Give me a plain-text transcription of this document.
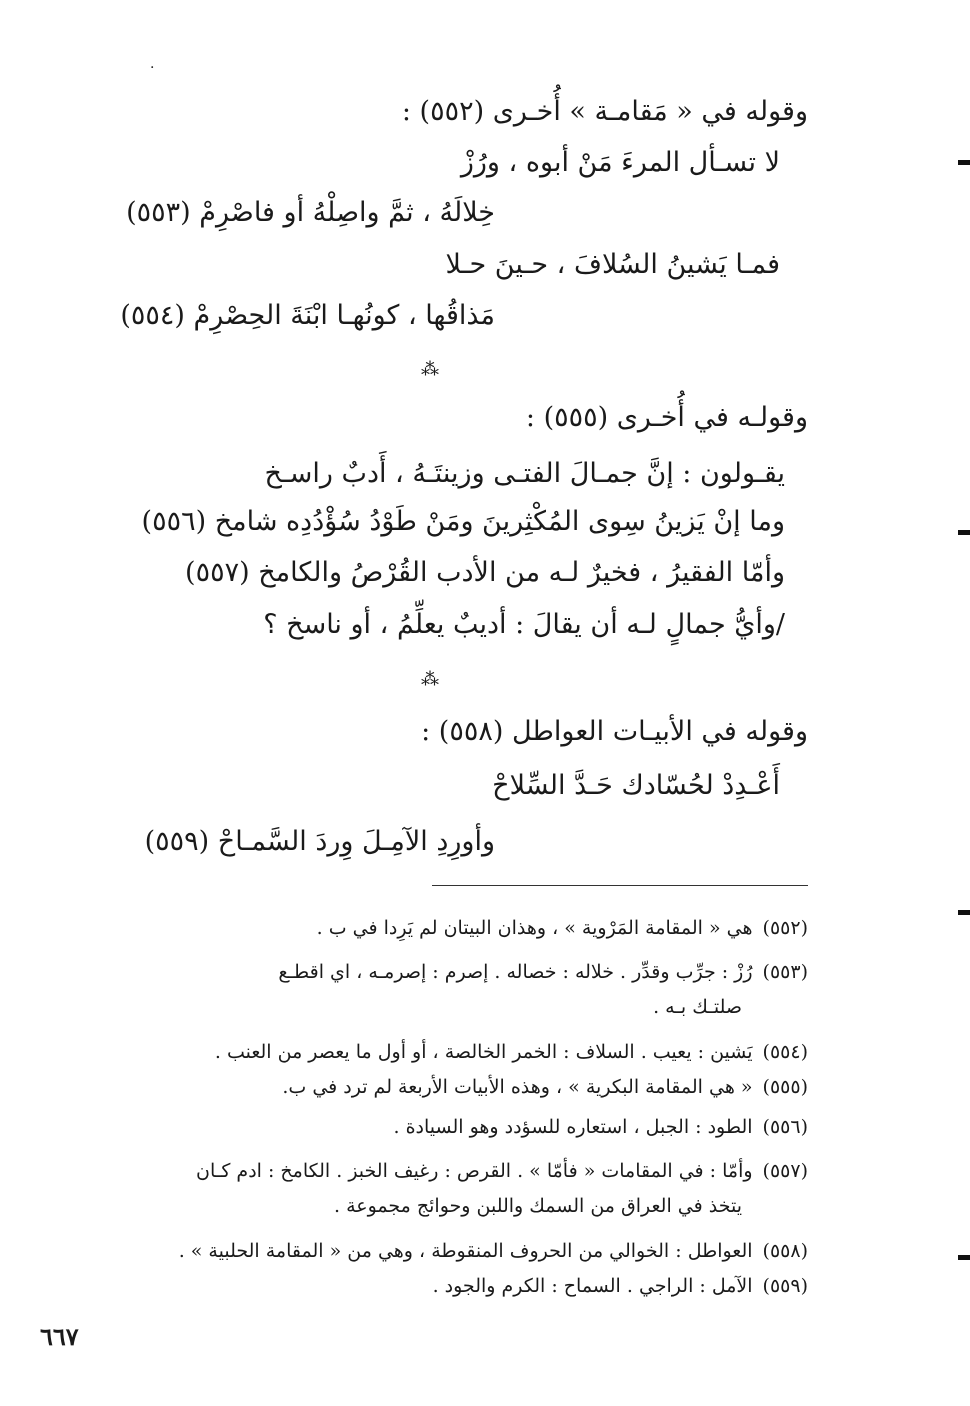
·
وقوله في « مَقامـة » أُخـرى (٥٥٢) :
لا تسـأل المرءَ مَنْ أبوه ، ورُزْ
خِلالَهُ ، ثمَّ واصِلْهُ أو فاصْرِمْ (٥٥٣)
فمـا يَشينُ السُلافَ ، حـينَ حـلا
مَذاقُها ، كونُهـا ابْنَةَ الحِصْرِمْ (٥٥٤)
⁂
وقولـه في أُخـرى (٥٥٥) :
يقـولون : إنَّ جمـالَ الفتـى وزينتَـهُ ، أَدبٌ راسـخ
وما إنْ يَزينُ سِوى المُكْثِرينَ ومَنْ طَوْدُ سُؤْدُدِه شامخ (٥٥٦)
وأمّا الفقيرُ ، فخيرٌ لـه من الأدب القُرْصُ والكامخ (٥٥٧)
/وأيُّ جمالٍ لـه أن يقالَ : أديبٌ يعلِّمُ ، أو ناسخ ؟
⁂
وقوله في الأبيـات العواطل (٥٥٨) :
أَعْـدِدْ لحُسّادك حَـدَّ السِّلاحْ
وأورِدِ الآمِـلَ وِردَ السَّمـاحْ (٥٥٩)
(٥٥٢)هي « المقامة المَرْوية » ، وهذان البيتان لم يَرِدا في ب .
(٥٥٣)رُزْ : جرِّب وقدِّر . خلاله : خصاله . إصرم : إصرمـه ، اي اقطـع
صلتـك بـه .
(٥٥٤)يَشين : يعيب . السلاف : الخمر الخالصة ، أو أول ما يعصر من العنب .
(٥٥٥)« هي المقامة البكرية » ، وهذه الأبيات الأربعة لم ترد في ب.
(٥٥٦)الطود : الجبل ، استعاره للسؤدد وهو السيادة .
(٥٥٧)وأمّا : في المقامات « فأمّا » . القرص : رغيف الخبز . الكامخ : ادم كـان
يتخذ في العراق من السمك واللبن وحوائج مجموعة .
(٥٥٨)العواطل : الخوالي من الحروف المنقوطة ، وهي من « المقامة الحلبية » .
(٥٥٩)الآمل : الراجي . السماح : الكرم والجود .
٦٦٧
